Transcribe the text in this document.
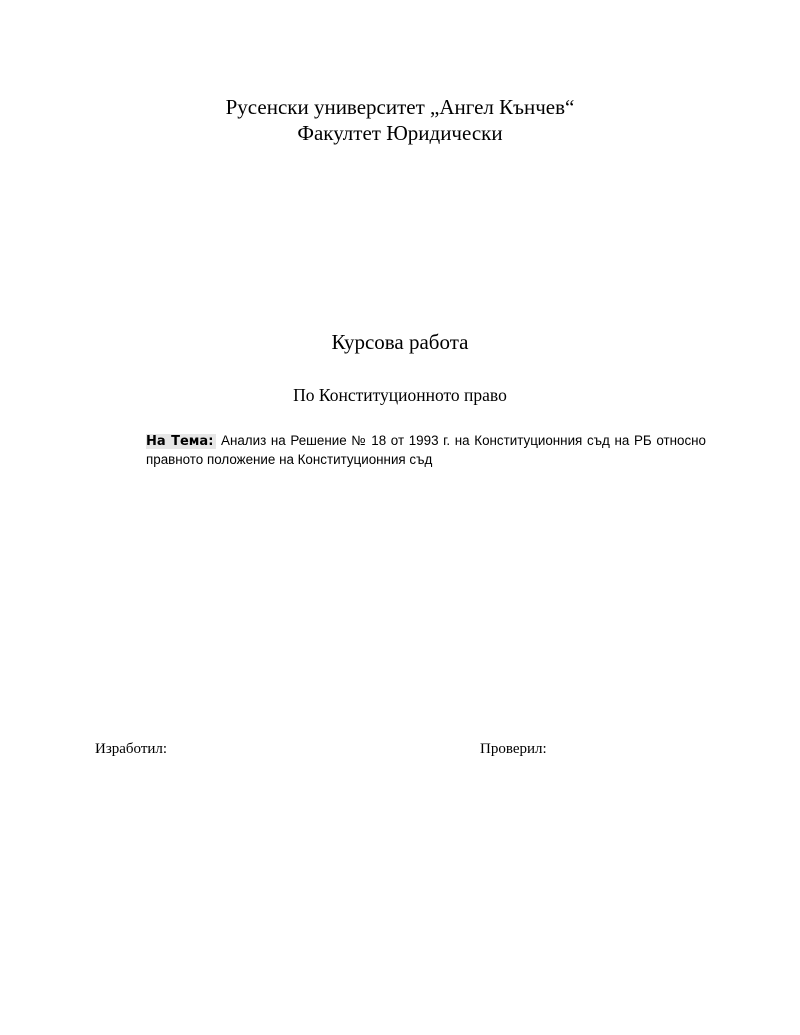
Русенски университет „Ангел Кънчев“
Факултет Юридически
Курсова работа
По Конституционното право
На Тема: Анализ на Решение № 18 от 1993 г. на Конституционния съд на РБ относно правното положение на Конституционния съд
Изработил:	Проверил:
